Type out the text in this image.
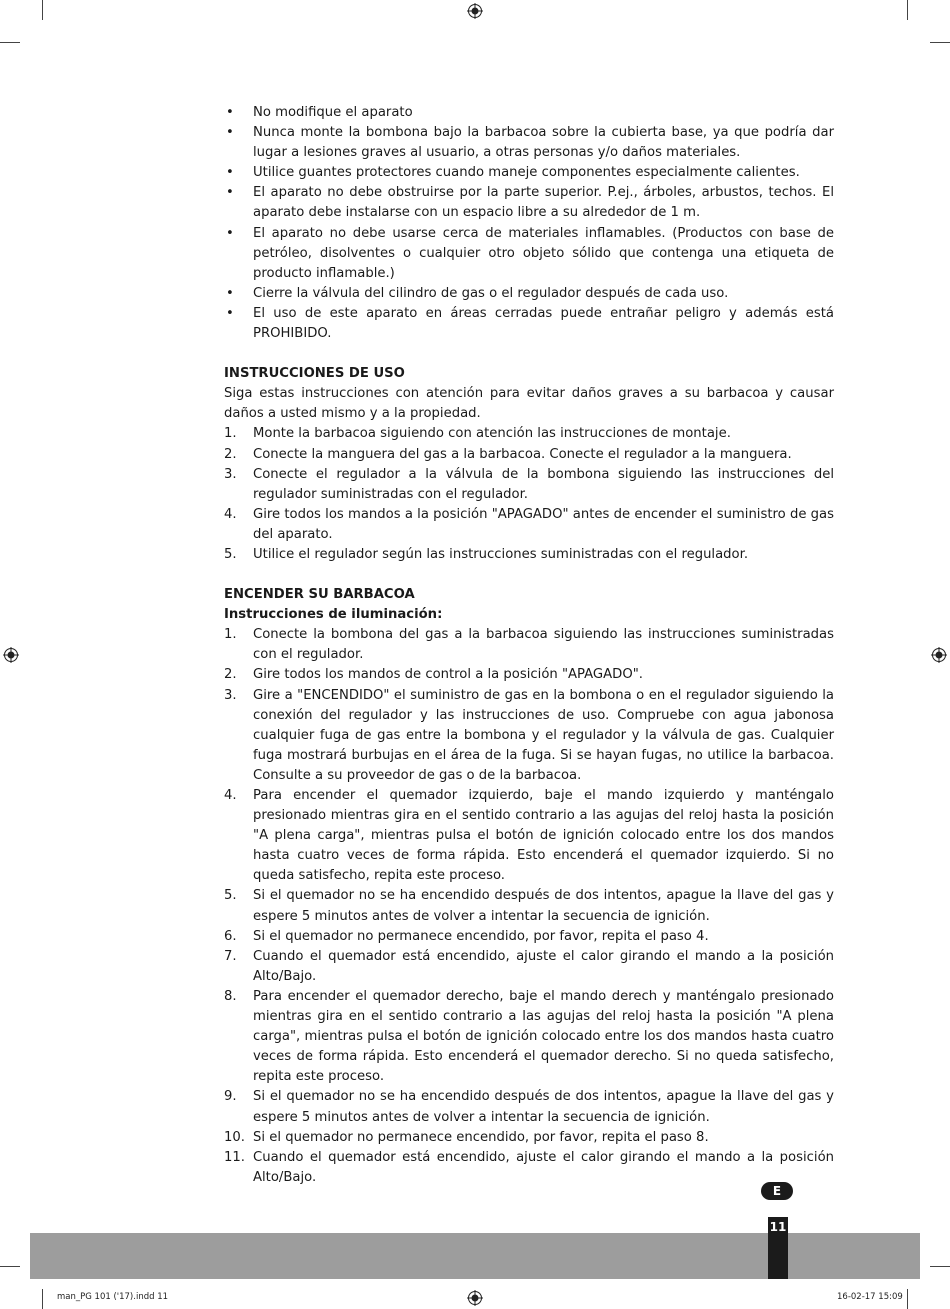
• No modifique el aparato
• Nunca monte la bombona bajo la barbacoa sobre la cubierta base, ya que podría dar lugar a lesiones graves al usuario, a otras personas y/o daños materiales.
• Utilice guantes protectores cuando maneje componentes especialmente calientes.
• El aparato no debe obstruirse por la parte superior. P.ej., árboles, arbustos, techos. El aparato debe instalarse con un espacio libre a su alrededor de 1 m.
• El aparato no debe usarse cerca de materiales inflamables. (Productos con base de petróleo, disolventes o cualquier otro objeto sólido que contenga una etiqueta de producto inflamable.)
• Cierre la válvula del cilindro de gas o el regulador después de cada uso.
• El uso de este aparato en áreas cerradas puede entrañar peligro y además está PROHIBIDO.
INSTRUCCIONES DE USO
Siga estas instrucciones con atención para evitar daños graves a su barbacoa y causar daños a usted mismo y a la propiedad.
1. Monte la barbacoa siguiendo con atención las instrucciones de montaje.
2. Conecte la manguera del gas a la barbacoa. Conecte el regulador a la manguera.
3. Conecte el regulador a la válvula de la bombona siguiendo las instrucciones del regulador suministradas con el regulador.
4. Gire todos los mandos a la posición "APAGADO" antes de encender el suministro de gas del aparato.
5. Utilice el regulador según las instrucciones suministradas con el regulador.
ENCENDER SU BARBACOA
Instrucciones de iluminación:
1. Conecte la bombona del gas a la barbacoa siguiendo las instrucciones suministradas con el regulador.
2. Gire todos los mandos de control a la posición "APAGADO".
3. Gire a "ENCENDIDO" el suministro de gas en la bombona o en el regulador siguiendo la conexión del regulador y las instrucciones de uso. Compruebe con agua jabonosa cualquier fuga de gas entre la bombona y el regulador y la válvula de gas. Cualquier fuga mostrará burbujas en el área de la fuga. Si se hayan fugas, no utilice la barbacoa. Consulte a su proveedor de gas o de la barbacoa.
4. Para encender el quemador izquierdo, baje el mando izquierdo y manténgalo presionado mientras gira en el sentido contrario a las agujas del reloj hasta la posición "A plena carga", mientras pulsa el botón de ignición colocado entre los dos mandos hasta cuatro veces de forma rápida. Esto encenderá el quemador izquierdo. Si no queda satisfecho, repita este proceso.
5. Si el quemador no se ha encendido después de dos intentos, apague la llave del gas y espere 5 minutos antes de volver a intentar la secuencia de ignición.
6. Si el quemador no permanece encendido, por favor, repita el paso 4.
7. Cuando el quemador está encendido, ajuste el calor girando el mando a la posición Alto/Bajo.
8. Para encender el quemador derecho, baje el mando derech y manténgalo presionado mientras gira en el sentido contrario a las agujas del reloj hasta la posición "A plena carga", mientras pulsa el botón de ignición colocado entre los dos mandos hasta cuatro veces de forma rápida. Esto encenderá el quemador derecho. Si no queda satisfecho, repita este proceso.
9. Si el quemador no se ha encendido después de dos intentos, apague la llave del gas y espere 5 minutos antes de volver a intentar la secuencia de ignición.
10. Si el quemador no permanece encendido, por favor, repita el paso 8.
11. Cuando el quemador está encendido, ajuste el calor girando el mando a la posición Alto/Bajo.
E
11
man_PG 101 ('17).indd 11	16-02-17 15:09
